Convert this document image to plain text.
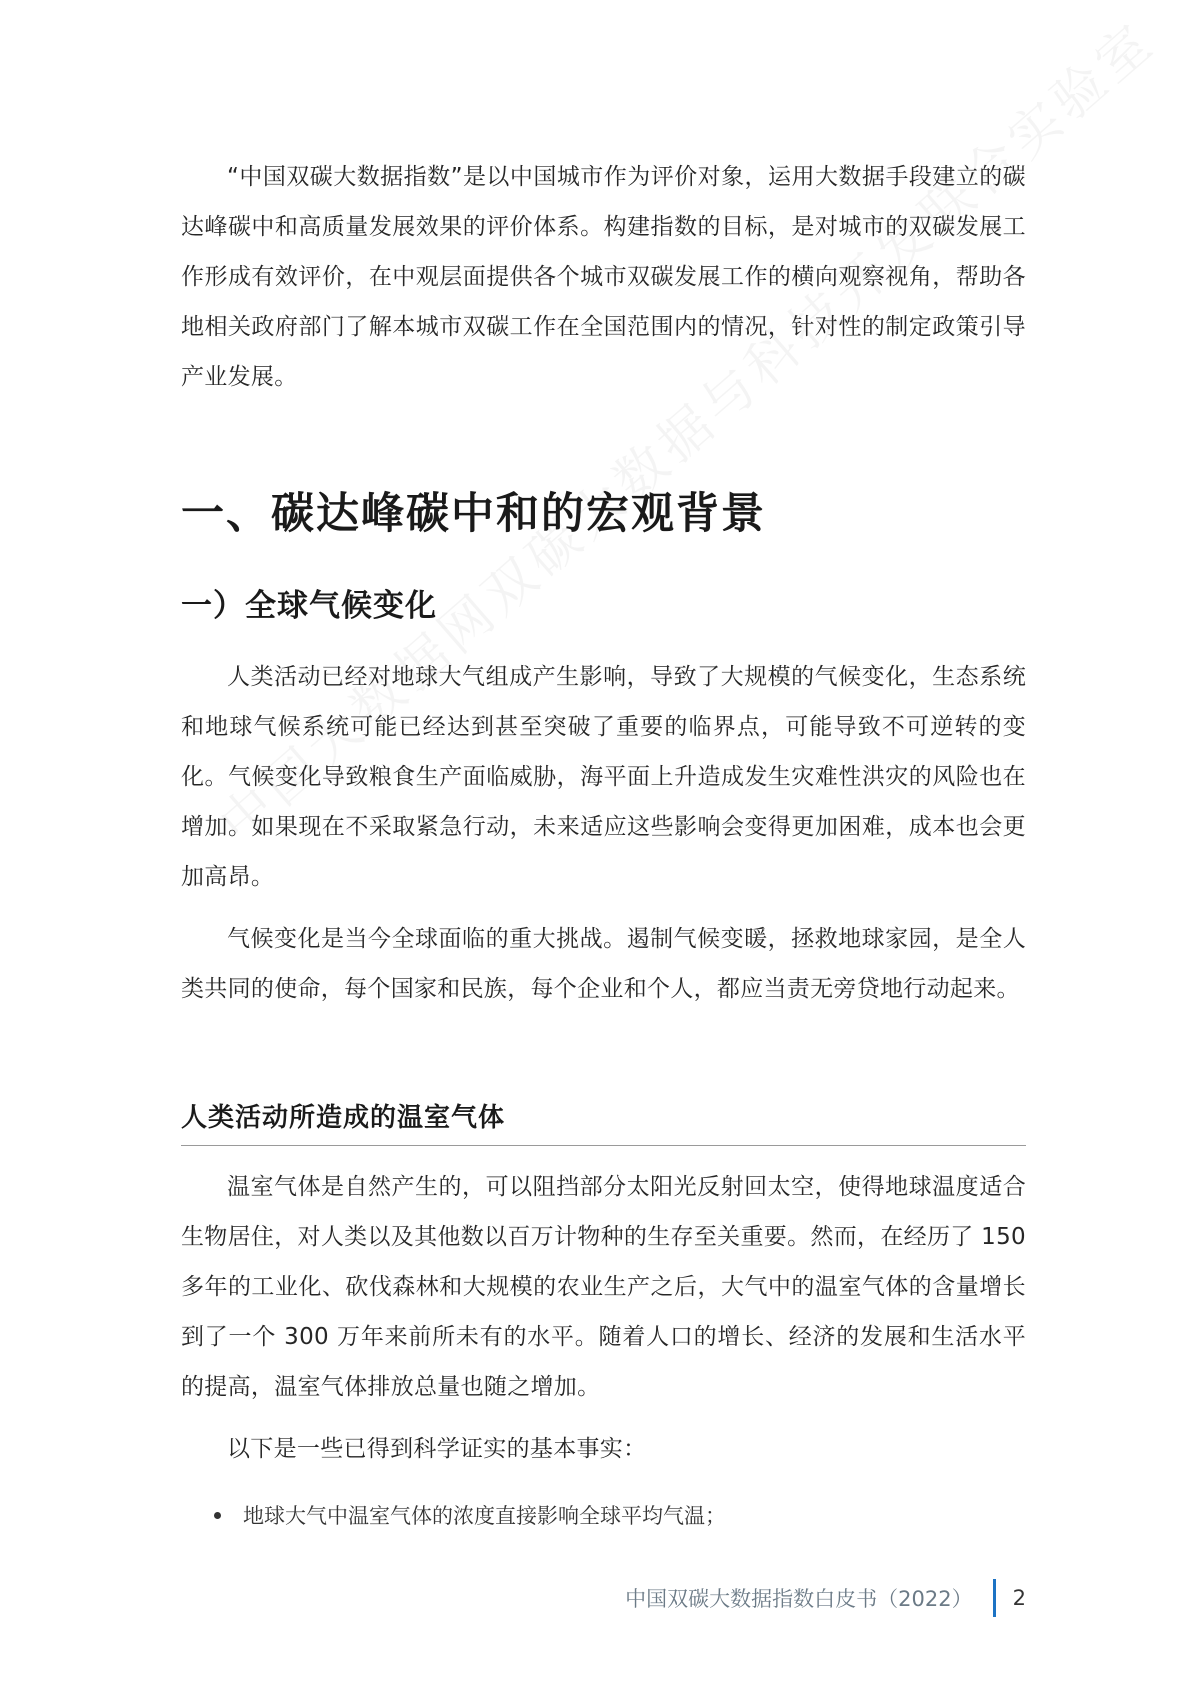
“中国双碳大数据指数”是以中国城市作为评价对象，运用大数据手段建立的碳达峰碳中和高质量发展效果的评价体系。构建指数的目标，是对城市的双碳发展工作形成有效评价，在中观层面提供各个城市双碳发展工作的横向观察视角，帮助各地相关政府部门了解本城市双碳工作在全国范围内的情况，针对性的制定政策引导产业发展。

一、碳达峰碳中和的宏观背景
一）全球气候变化

人类活动已经对地球大气组成产生影响，导致了大规模的气候变化，生态系统和地球气候系统可能已经达到甚至突破了重要的临界点，可能导致不可逆转的变化。气候变化导致粮食生产面临威胁，海平面上升造成发生灾难性洪灾的风险也在增加。如果现在不采取紧急行动，未来适应这些影响会变得更加困难，成本也会更加高昂。

气候变化是当今全球面临的重大挑战。遏制气候变暖，拯救地球家园，是全人类共同的使命，每个国家和民族，每个企业和个人，都应当责无旁贷地行动起来。

人类活动所造成的温室气体

温室气体是自然产生的，可以阻挡部分太阳光反射回太空，使得地球温度适合生物居住，对人类以及其他数以百万计物种的生存至关重要。然而，在经历了 150 多年的工业化、砍伐森林和大规模的农业生产之后，大气中的温室气体的含量增长到了一个 300 万年来前所未有的水平。随着人口的增长、经济的发展和生活水平的提高，温室气体排放总量也随之增加。

以下是一些已得到科学证实的基本事实：

地球大气中温室气体的浓度直接影响全球平均气温；
中国双碳大数据指数白皮书（2022） 2
